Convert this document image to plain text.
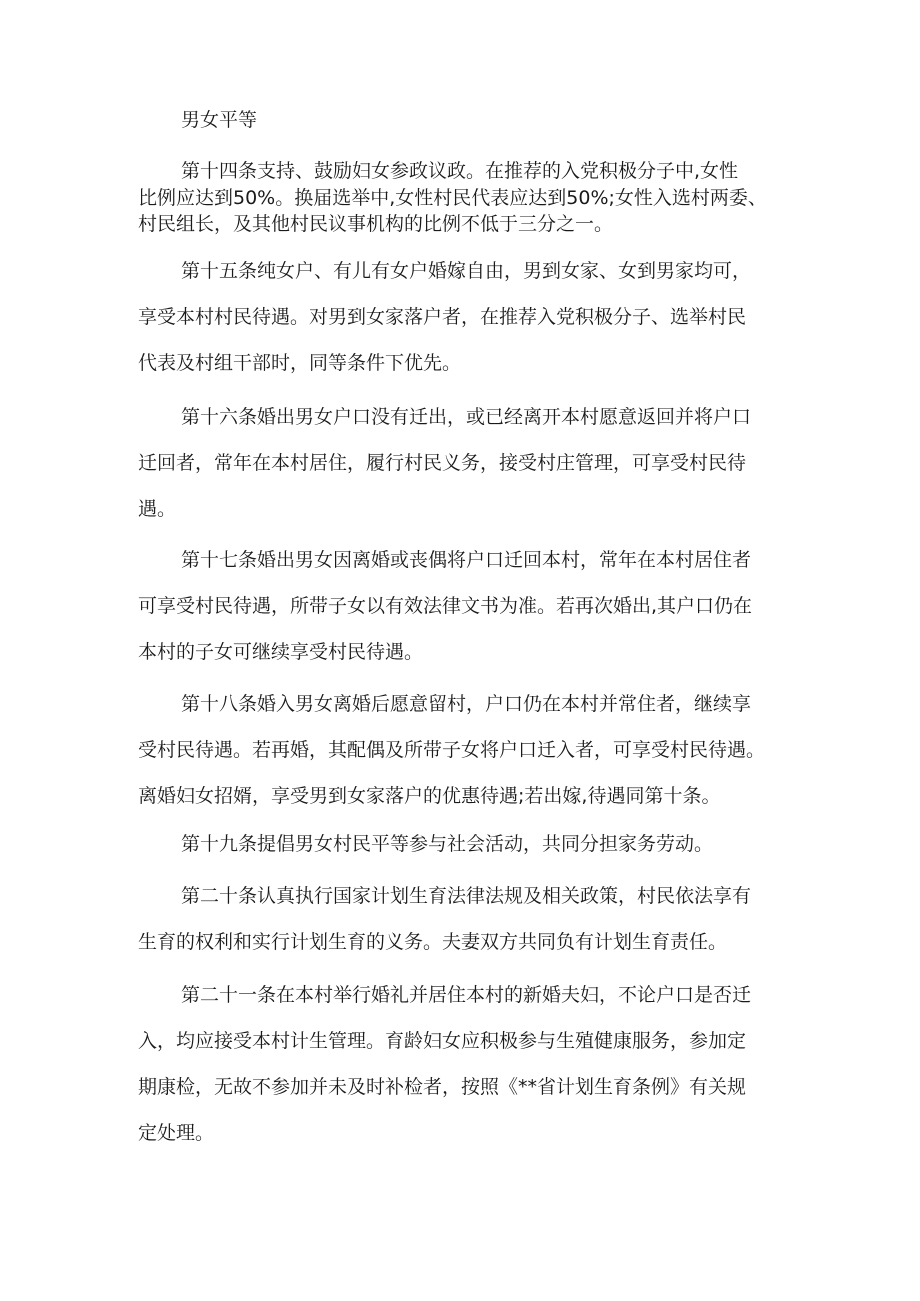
男女平等
第十四条支持、鼓励妇女参政议政。在推荐的入党积极分子中,女性
比例应达到50%。换届选举中,女性村民代表应达到50%;女性入选村两委、
村民组长，及其他村民议事机构的比例不低于三分之一。
第十五条纯女户、有儿有女户婚嫁自由，男到女家、女到男家均可，
享受本村村民待遇。对男到女家落户者，在推荐入党积极分子、选举村民
代表及村组干部时，同等条件下优先。
第十六条婚出男女户口没有迁出，或已经离开本村愿意返回并将户口
迁回者，常年在本村居住，履行村民义务，接受村庄管理，可享受村民待
遇。
第十七条婚出男女因离婚或丧偶将户口迁回本村，常年在本村居住者
可享受村民待遇，所带子女以有效法律文书为准。若再次婚出,其户口仍在
本村的子女可继续享受村民待遇。
第十八条婚入男女离婚后愿意留村，户口仍在本村并常住者，继续享
受村民待遇。若再婚，其配偶及所带子女将户口迁入者，可享受村民待遇。
离婚妇女招婿，享受男到女家落户的优惠待遇;若出嫁,待遇同第十条。
第十九条提倡男女村民平等参与社会活动，共同分担家务劳动。
第二十条认真执行国家计划生育法律法规及相关政策，村民依法享有
生育的权利和实行计划生育的义务。夫妻双方共同负有计划生育责任。
第二十一条在本村举行婚礼并居住本村的新婚夫妇，不论户口是否迁
入，均应接受本村计生管理。育龄妇女应积极参与生殖健康服务，参加定
期康检，无故不参加并未及时补检者，按照《**省计划生育条例》有关规
定处理。
